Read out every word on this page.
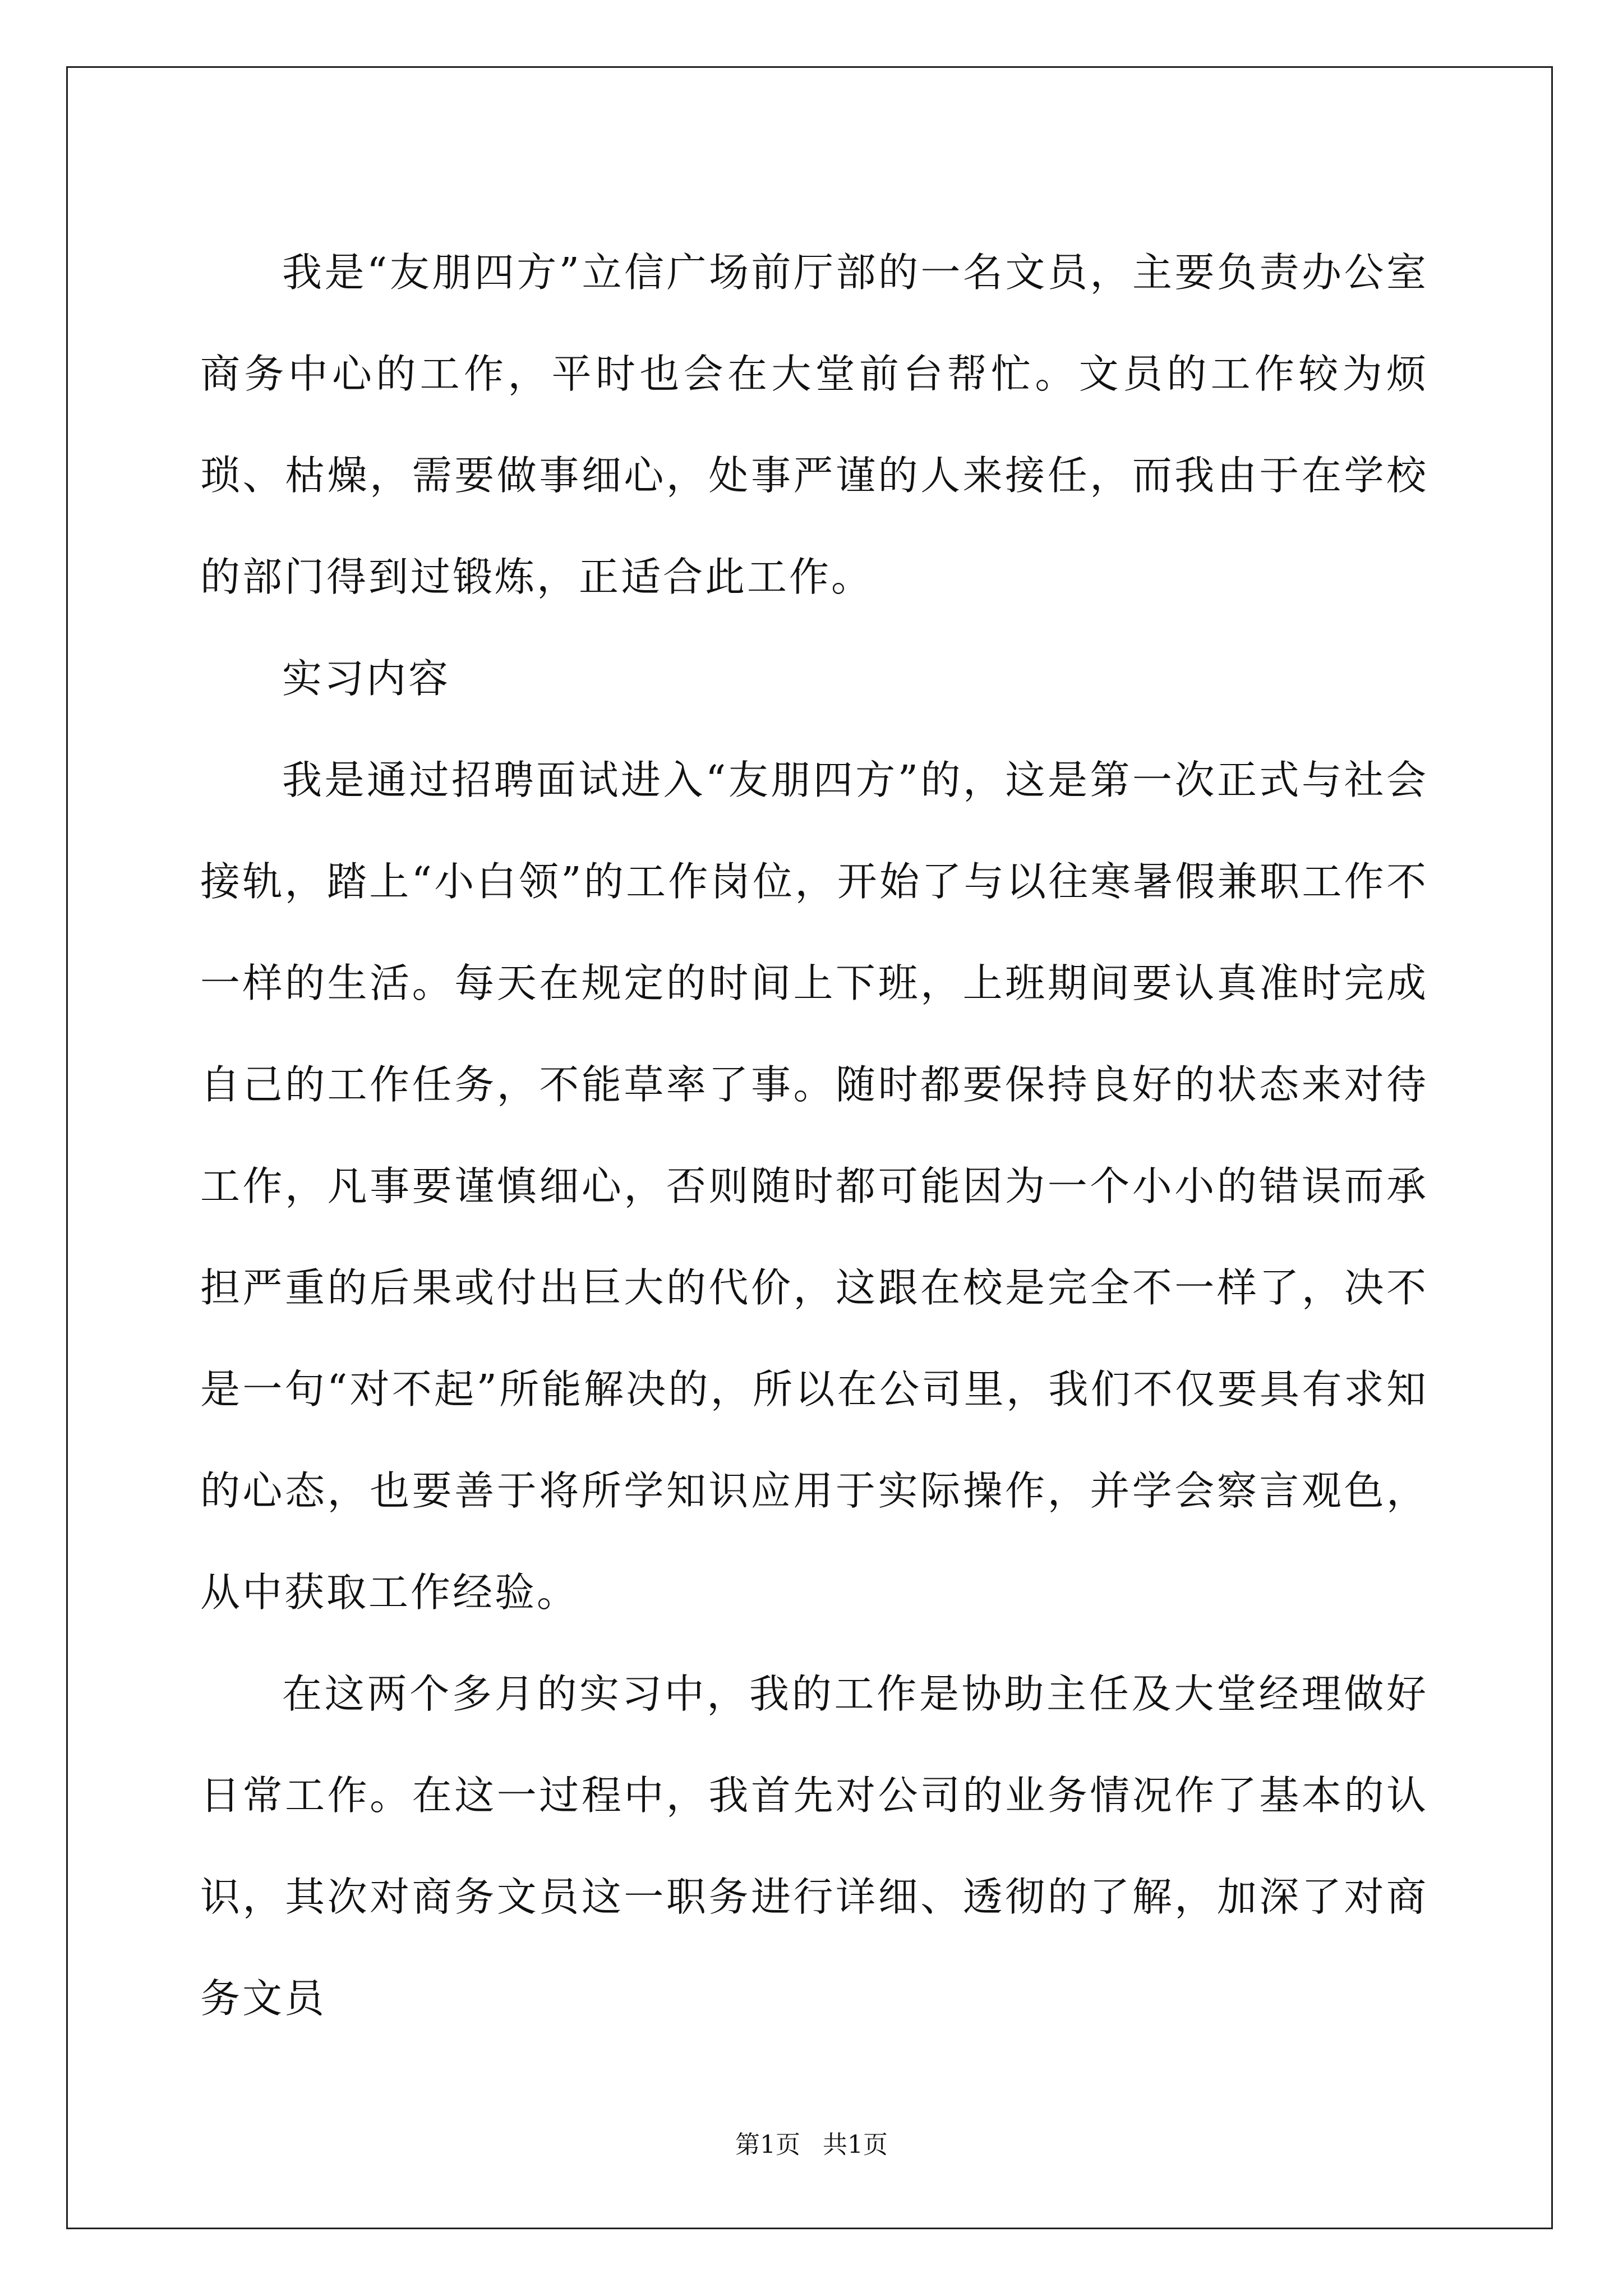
我是“友朋四方”立信广场前厅部的一名文员，主要负责办公室商务中心的工作，平时也会在大堂前台帮忙。文员的工作较为烦琐、枯燥，需要做事细心，处事严谨的人来接任，而我由于在学校的部门得到过锻炼，正适合此工作。

实习内容

我是通过招聘面试进入“友朋四方”的，这是第一次正式与社会接轨，踏上“小白领”的工作岗位，开始了与以往寒暑假兼职工作不一样的生活。每天在规定的时间上下班，上班期间要认真准时完成自己的工作任务，不能草率了事。随时都要保持良好的状态来对待工作，凡事要谨慎细心，否则随时都可能因为一个小小的错误而承担严重的后果或付出巨大的代价，这跟在校是完全不一样了，决不是一句“对不起”所能解决的，所以在公司里，我们不仅要具有求知的心态，也要善于将所学知识应用于实际操作，并学会察言观色，从中获取工作经验。

在这两个多月的实习中，我的工作是协助主任及大堂经理做好日常工作。在这一过程中，我首先对公司的业务情况作了基本的认识，其次对商务文员这一职务进行详细、透彻的了解，加深了对商务文员

第1页 共1页
